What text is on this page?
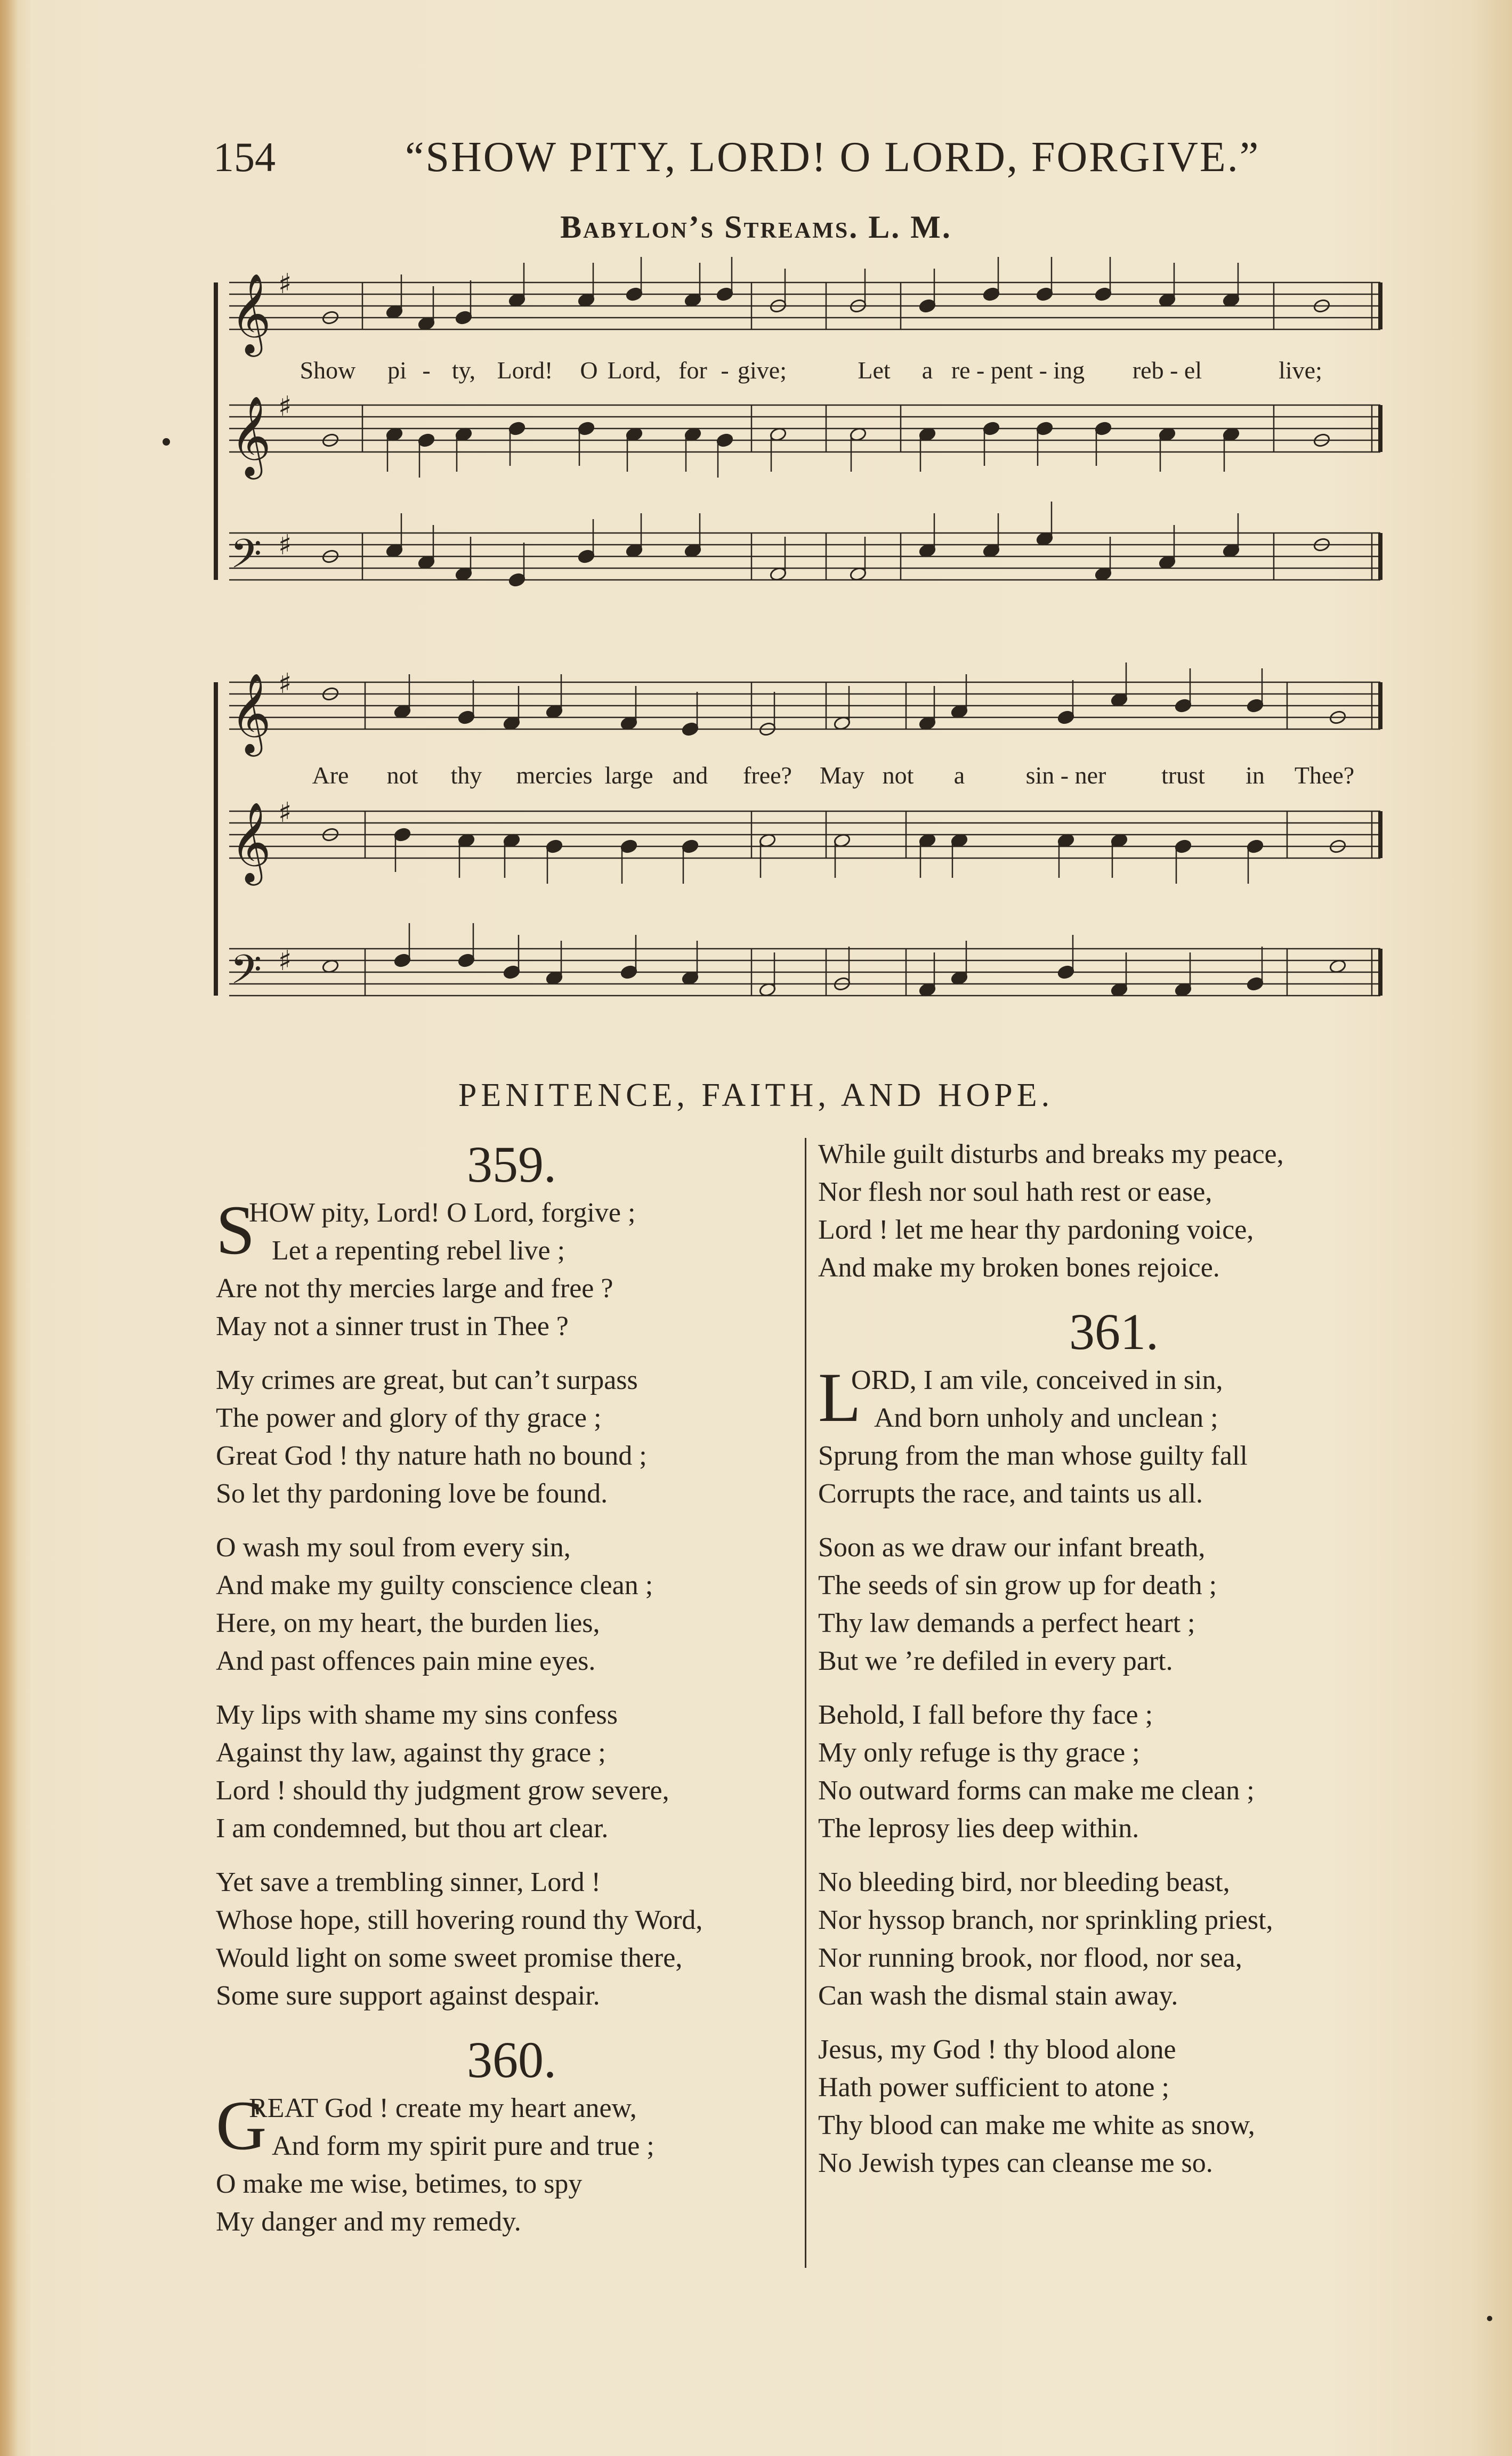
154	“SHOW PITY, LORD! O LORD, FORGIVE.”
Babylon’s Streams. L. M.
𝄞 ♯
𝄞 ♯
𝄢 ♯
Show pi - ty, Lord! O Lord, for - give;	Let a re - pent - ing reb - el	live;
𝄞 ♯
𝄞 ♯
𝄢 ♯
Are not thy mercies large and free? May not a sin - ner trust in Thee?
PENITENCE, FAITH, AND HOPE.
359.
S
HOW pity, Lord! O Lord, forgive ;
Let a repenting rebel live ;
Are not thy mercies large and free ?
May not a sinner trust in Thee ?
My crimes are great, but can’t surpass
The power and glory of thy grace ;
Great God ! thy nature hath no bound ;
So let thy pardoning love be found.
O wash my soul from every sin,
And make my guilty conscience clean ;
Here, on my heart, the burden lies,
And past offences pain mine eyes.
My lips with shame my sins confess
Against thy law, against thy grace ;
Lord ! should thy judgment grow severe,
I am condemned, but thou art clear.
Yet save a trembling sinner, Lord !
Whose hope, still hovering round thy Word,
Would light on some sweet promise there,
Some sure support against despair.
360.
G
REAT God ! create my heart anew,
And form my spirit pure and true ;
O make me wise, betimes, to spy
My danger and my remedy.
While guilt disturbs and breaks my peace,
Nor flesh nor soul hath rest or ease,
Lord ! let me hear thy pardoning voice,
And make my broken bones rejoice.
361.
L
ORD, I am vile, conceived in sin,
And born unholy and unclean ;
Sprung from the man whose guilty fall
Corrupts the race, and taints us all.
Soon as we draw our infant breath,
The seeds of sin grow up for death ;
Thy law demands a perfect heart ;
But we ’re defiled in every part.
Behold, I fall before thy face ;
My only refuge is thy grace ;
No outward forms can make me clean ;
The leprosy lies deep within.
No bleeding bird, nor bleeding beast,
Nor hyssop branch, nor sprinkling priest,
Nor running brook, nor flood, nor sea,
Can wash the dismal stain away.
Jesus, my God ! thy blood alone
Hath power sufficient to atone ;
Thy blood can make me white as snow,
No Jewish types can cleanse me so.
